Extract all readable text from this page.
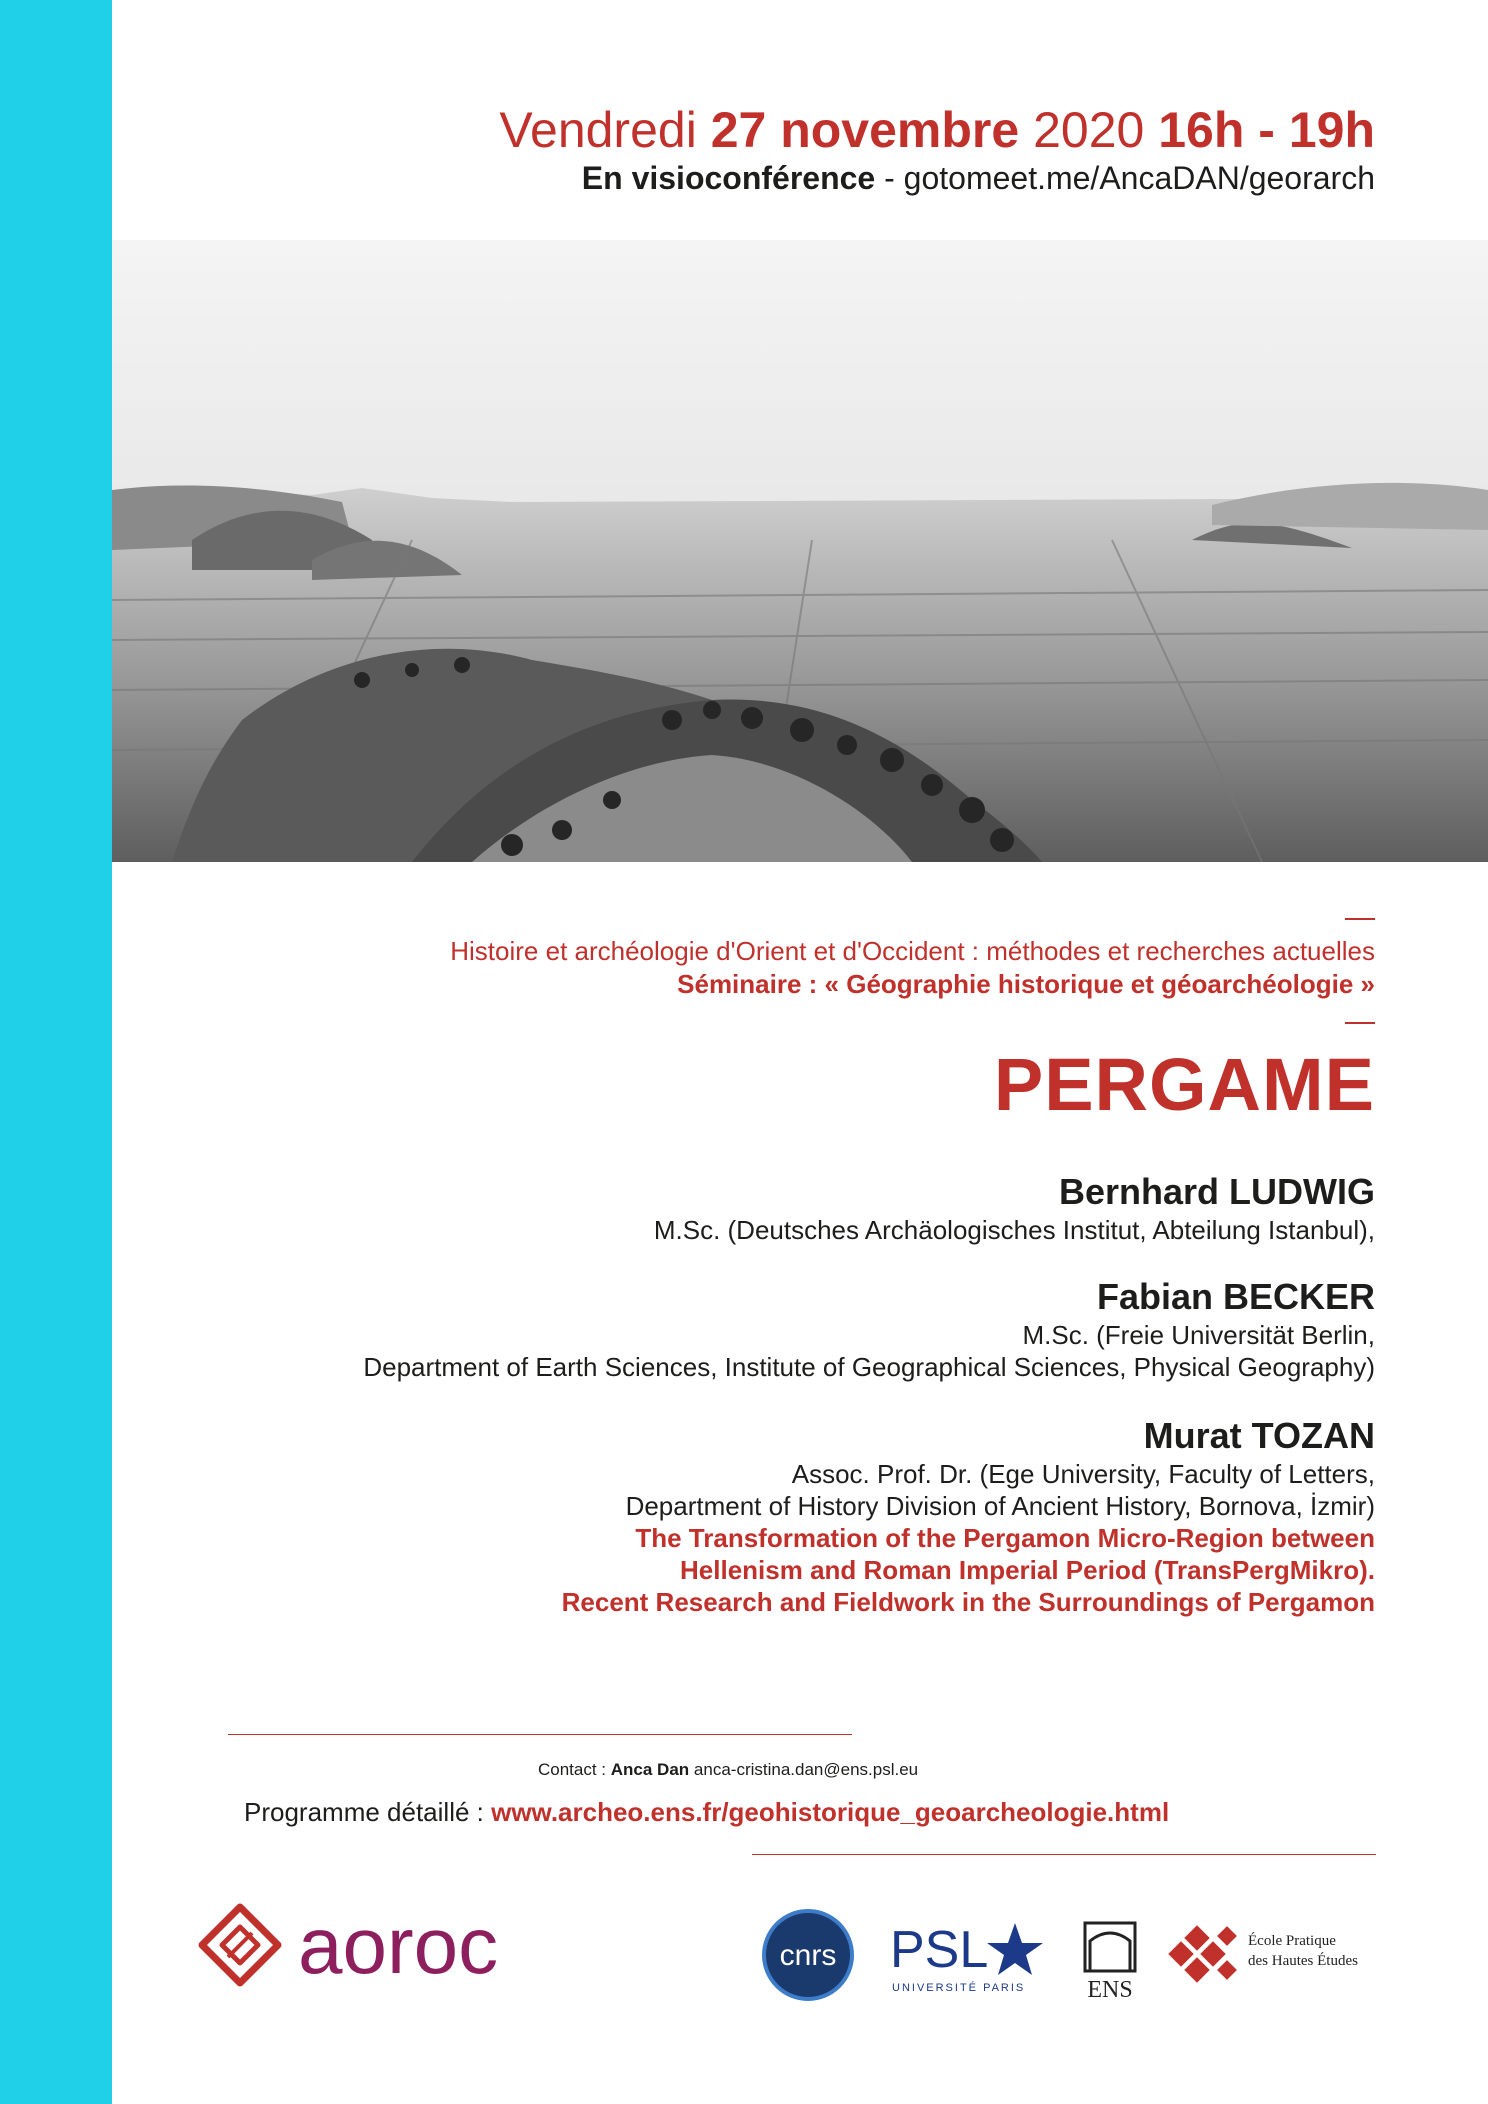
Vendredi 27 novembre 2020 16h - 19h
En visioconférence - gotomeet.me/AncaDAN/georarch
Histoire et archéologie d'Orient et d'Occident : méthodes et recherches actuelles
Séminaire : « Géographie historique et géoarchéologie »
PERGAME
Bernhard LUDWIG
M.Sc. (Deutsches Archäologisches Institut, Abteilung Istanbul),
Fabian BECKER
M.Sc. (Freie Universität Berlin,
Department of Earth Sciences, Institute of Geographical Sciences, Physical Geography)
Murat TOZAN
Assoc. Prof. Dr. (Ege University, Faculty of Letters,
Department of History Division of Ancient History, Bornova, İzmir)
The Transformation of the Pergamon Micro-Region between
Hellenism and Roman Imperial Period (TransPergMikro).
Recent Research and Fieldwork in the Surroundings of Pergamon
Contact : Anca Dan anca-cristina.dan@ens.psl.eu
Programme détaillé : www.archeo.ens.fr/geohistorique_geoarcheologie.html
aoroc	cnrs PSL
UNIVERSITÉ PARIS	ENS
École Pratique
des Hautes Études
